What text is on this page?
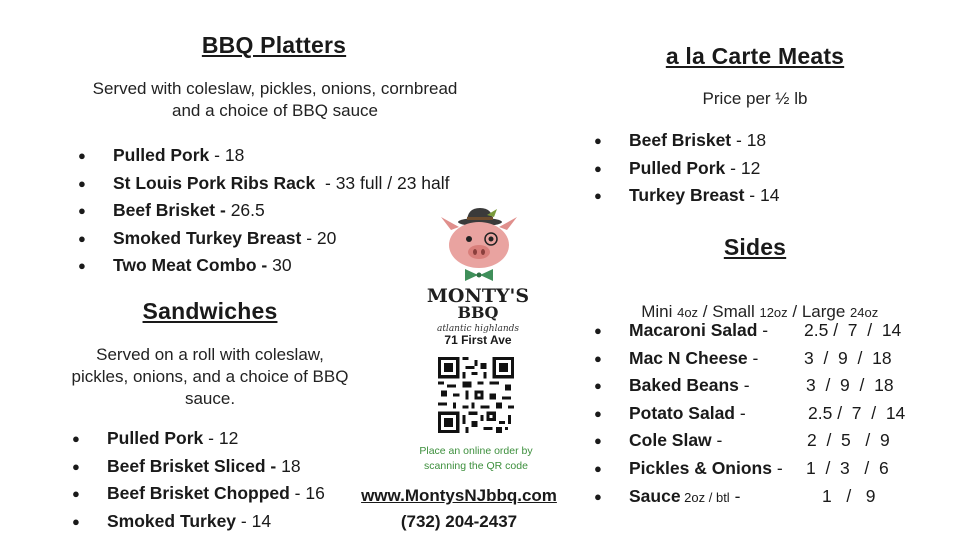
BBQ Platters
Served with coleslaw, pickles, onions, cornbread
and a choice of BBQ sauce
● Pulled Pork - 18
● St Louis Pork Ribs Rack  - 33 full / 23 half
● Beef Brisket - 26.5
● Smoked Turkey Breast - 20
● Two Meat Combo - 30
Sandwiches
Served on a roll with coleslaw,
pickles, onions, and a choice of BBQ
sauce.
● Pulled Pork - 12
● Beef Brisket Sliced - 18
● Beef Brisket Chopped - 16
● Smoked Turkey - 14
a la Carte Meats
Price per ½ lb
● Beef Brisket - 18
● Pulled Pork - 12
● Turkey Breast - 14
Sides

Mini 4oz / Small 12oz / Large 24oz

● Macaroni Salad - 2.5 /  7  /  14
● Mac N Cheese -	3  /  9  /  18
● Baked Beans -	3  /  9  /  18
● Potato Salad -	2.5 /  7  /  14
● Cole Slaw -	2  /  5   /  9
● Pickles & Onions - 1  /  3   /  6
● Sauce 2oz / btl -	1   /   9
MONTY'S
BBQ
atlantic highlands
71 First Ave
Place an online order by
scanning the QR code
www.MontysNJbbq.com
(732) 204-2437
